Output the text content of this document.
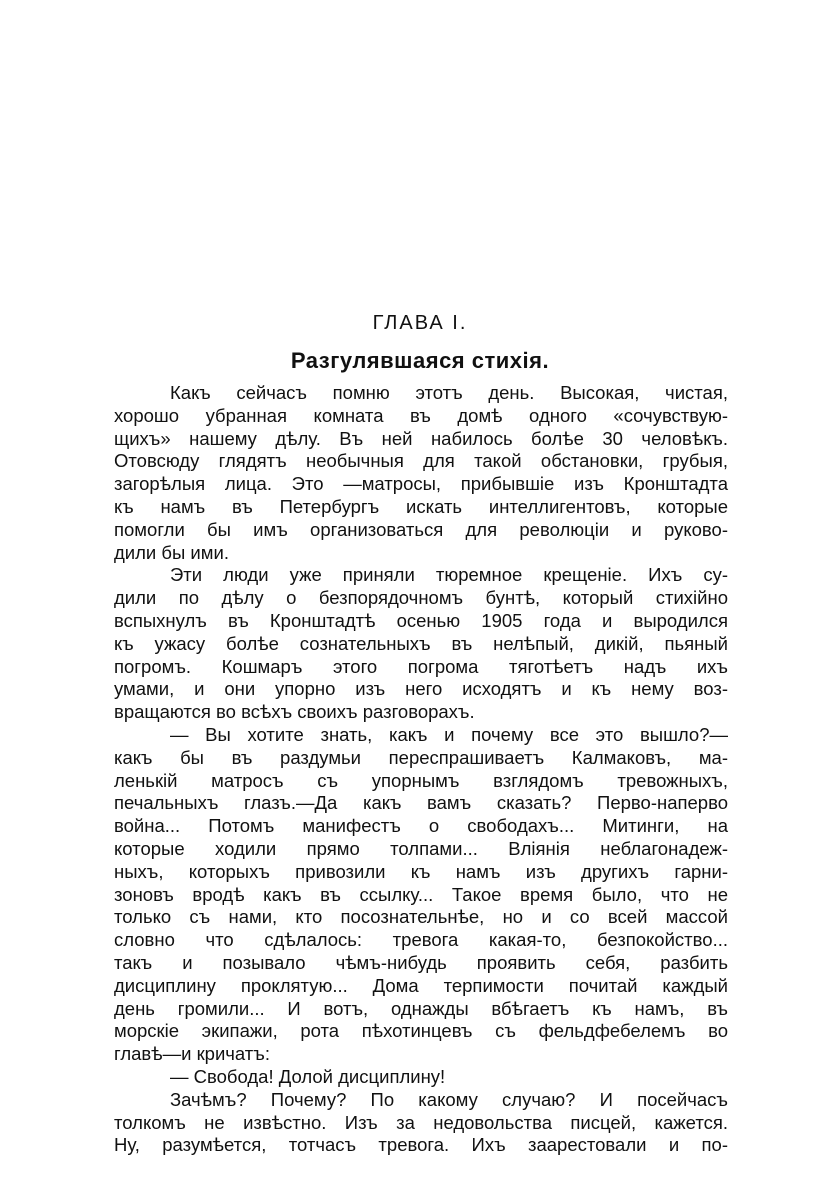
ГЛАВА I.
Разгулявшаяся стихія.
Какъ сейчасъ помню этотъ день. Высокая, чистая,
хорошо убранная комната въ домѣ одного «сочувствую-
щихъ» нашему дѣлу. Въ ней набилось болѣе 30 человѣкъ.
Отовсюду глядятъ необычныя для такой обстановки, грубыя,
загорѣлыя лица. Это —матросы, прибывшіе изъ Кронштадта
къ намъ въ Петербургъ искать интеллигентовъ, которые
помогли бы имъ организоваться для революціи и руково-
дили бы ими.
Эти люди уже приняли тюремное крещеніе. Ихъ су-
дили по дѣлу о безпорядочномъ бунтѣ, который стихійно
вспыхнулъ въ Кронштадтѣ осенью 1905 года и выродился
къ ужасу болѣе сознательныхъ въ нелѣпый, дикій, пьяный
погромъ. Кошмаръ этого погрома тяготѣетъ надъ ихъ
умами, и они упорно изъ него исходятъ и къ нему воз-
вращаются во всѣхъ своихъ разговорахъ.
— Вы хотите знать, какъ и почему все это вышло?—
какъ бы въ раздумьи переспрашиваетъ Калмаковъ, ма-
ленькій матросъ съ упорнымъ взглядомъ тревожныхъ,
печальныхъ глазъ.—Да какъ вамъ сказать? Перво-наперво
война... Потомъ манифестъ о свободахъ... Митинги, на
которые ходили прямо толпами... Вліянія неблагонадеж-
ныхъ, которыхъ привозили къ намъ изъ другихъ гарни-
зоновъ вродѣ какъ въ ссылку... Такое время было, что не
только съ нами, кто посознательнѣе, но и со всей массой
словно что сдѣлалось: тревога какая-то, безпокойство...
такъ и позывало чѣмъ-нибудь проявить себя, разбить
дисциплину проклятую... Дома терпимости почитай каждый
день громили... И вотъ, однажды вбѣгаетъ къ намъ, въ
морскіе экипажи, рота пѣхотинцевъ съ фельдфебелемъ во
главѣ—и кричатъ:
— Свобода! Долой дисциплину!
Зачѣмъ? Почему? По какому случаю? И посейчасъ
толкомъ не извѣстно. Изъ за недовольства писцей, кажется.
Ну, разумѣется, тотчасъ тревога. Ихъ заарестовали и по-
